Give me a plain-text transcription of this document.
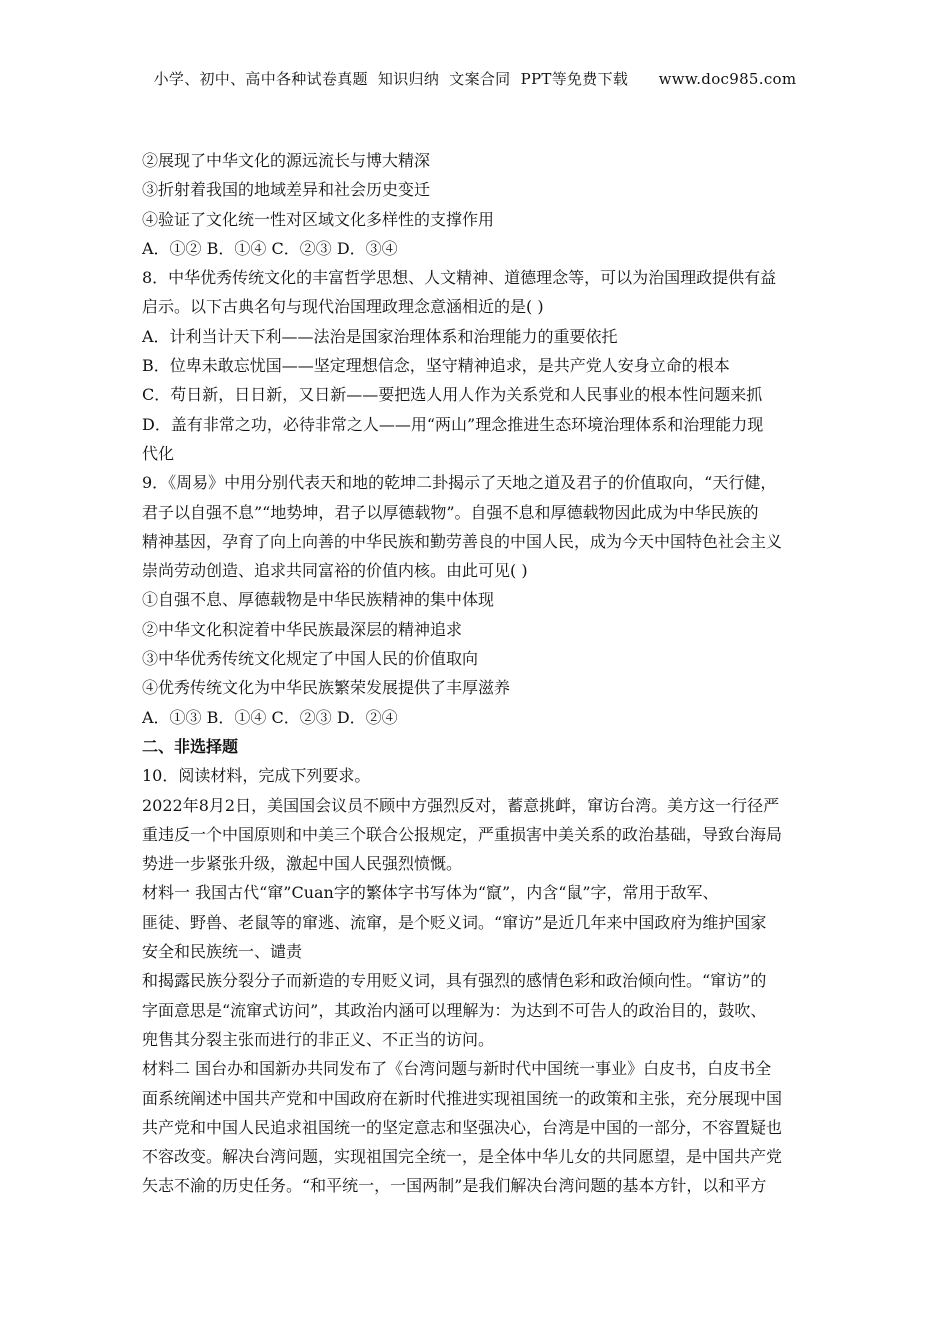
小学、初中、高中各种试卷真题  知识归纳  文案合同  PPT等免费下载      www.doc985.com
②展现了中华文化的源远流长与博大精深
③折射着我国的地域差异和社会历史变迁
④验证了文化统一性对区域文化多样性的支撑作用
A．①② B．①④ C．②③ D．③④
8．中华优秀传统文化的丰富哲学思想、人文精神、道德理念等，可以为治国理政提供有益
启示。以下古典名句与现代治国理政理念意涵相近的是( )
A．计利当计天下利——法治是国家治理体系和治理能力的重要依托
B．位卑未敢忘忧国——坚定理想信念，坚守精神追求，是共产党人安身立命的根本
C．苟日新，日日新，又日新——要把选人用人作为关系党和人民事业的根本性问题来抓
D．盖有非常之功，必待非常之人——用“两山”理念推进生态环境治理体系和治理能力现
代化
9．《周易》中用分别代表天和地的乾坤二卦揭示了天地之道及君子的价值取向，“天行健，
君子以自强不息”“地势坤，君子以厚德载物”。自强不息和厚德载物因此成为中华民族的
精神基因，孕育了向上向善的中华民族和勤劳善良的中国人民，成为今天中国特色社会主义
崇尚劳动创造、追求共同富裕的价值内核。由此可见( )
①自强不息、厚德载物是中华民族精神的集中体现
②中华文化积淀着中华民族最深层的精神追求
③中华优秀传统文化规定了中国人民的价值取向
④优秀传统文化为中华民族繁荣发展提供了丰厚滋养
A．①③ B．①④ C．②③ D．②④
二、非选择题
10．阅读材料，完成下列要求。
2022年8月2日，美国国会议员不顾中方强烈反对，蓄意挑衅，窜访台湾。美方这一行径严
重违反一个中国原则和中美三个联合公报规定，严重损害中美关系的政治基础，导致台海局
势进一步紧张升级，激起中国人民强烈愤慨。
材料一 我国古代“窜”Cuan字的繁体字书写体为“竄”，内含“鼠”字，常用于敌军、
匪徒、野兽、老鼠等的窜逃、流窜，是个贬义词。“窜访”是近几年来中国政府为维护国家
安全和民族统一、谴责
和揭露民族分裂分子而新造的专用贬义词，具有强烈的感情色彩和政治倾向性。“窜访”的
字面意思是“流窜式访问”，其政治内涵可以理解为：为达到不可告人的政治目的，鼓吹、
兜售其分裂主张而进行的非正义、不正当的访问。
材料二 国台办和国新办共同发布了《台湾问题与新时代中国统一事业》白皮书，白皮书全
面系统阐述中国共产党和中国政府在新时代推进实现祖国统一的政策和主张，充分展现中国
共产党和中国人民追求祖国统一的坚定意志和坚强决心，台湾是中国的一部分，不容置疑也
不容改变。解决台湾问题，实现祖国完全统一，是全体中华儿女的共同愿望，是中国共产党
矢志不渝的历史任务。“和平统一，一国两制”是我们解决台湾问题的基本方针，以和平方
